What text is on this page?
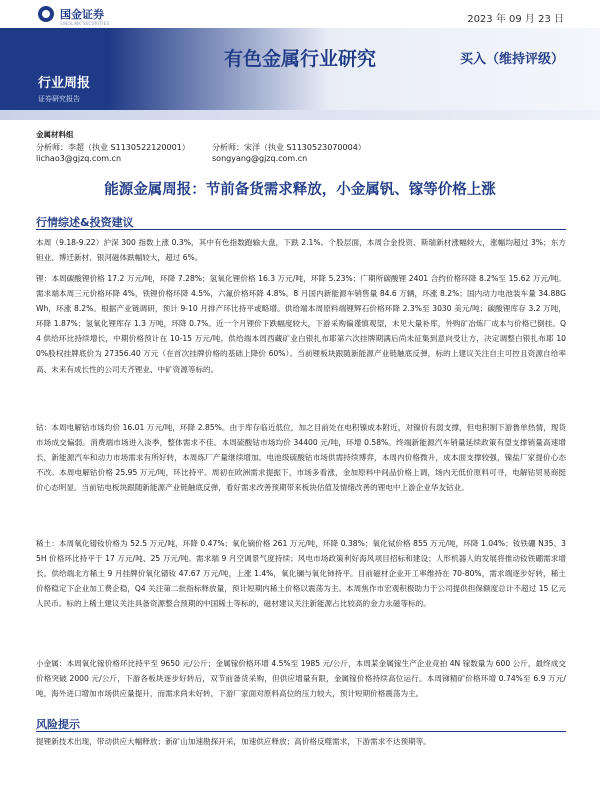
国金证券
SINOLINK SECURITIES	2023 年 09 月 23 日
有色金属行业研究	买入（维持评级）
行业周报
证券研究报告
金属材料组
分析师：李超（执业 S1130522120001）
lichao3@gjzq.com.cn
分析师：宋洋（执业 S1130523070004）
songyang@gjzq.com.cn
能源金属周报：节前备货需求释放，小金属钒、镓等价格上涨
行情综述&投资建议

本周（9.18-9.22）沪深 300 指数上涨 0.3%，其中有色指数跑输大盘，下跌 2.1%。个股层面，本周合金投资、斯瑞新材涨幅较大，涨幅均超过 3%；东方钽业、博迁新材、银河磁体跌幅较大，超过 6%。

锂：本周碳酸锂价格 17.2 万元/吨，环降 7.28%；氢氧化锂价格 16.3 万元/吨，环降 5.23%；广期所碳酸锂 2401 合约价格环降 8.2%至 15.62 万元/吨。需求端本周三元价格环降 4%，铁锂价格环降 4.5%，六氟价格环降 4.8%。8 月国内新能源车销售量 84.6 万辆，环涨 8.2%；国内动力电池装车量 34.88GWh，环涨 8.2%。根据产业链调研，预计 9-10 月排产环比持平或略增。供给端本周原料端锂辉石价格环降 2.3%至 3030 美元/吨；碳酸锂库存 3.2 万吨，环降 1.87%；氢氧化锂库存 1.3 万吨，环降 0.7%。近一个月锂价下跌幅度较大，下游采购偏谨慎观望，未见大量补库，外购矿冶炼厂成本与价格已倒挂。Q4 供给环比持续增长，中期价格预计在 10-15 万元/吨。供给端本周西藏矿业白银扎布耶第六次挂牌期满后尚未征集到意向受让方，决定调整白银扎布耶 100%股权挂牌底价为 27356.40 万元（在首次挂牌价格的基础上降价 60%）。当前锂板块跟随新能源产业链触底反弹，标的上建议关注自主可控且资源自给率高、未来有成长性的公司天齐锂业、中矿资源等标的。

钴：本周电解钴市场均价 16.01 万元/吨，环降 2.85%。由于库存临近低位，加之目前处在电积镍成本附近，对镍价有弱支撑，但电积制下游鲁单热情，现货市场成交偏弱。消费端市场进入淡季，整体需求不佳。本周硫酸钴市场均价 34400 元/吨，环增 0.58%。终端新能源汽车销量延续政策有望支撑销量高速增长，新能源汽车和动力市场需求有所好转，本周炼厂产量继续增加。电池级硫酸钴市场供需持续博弈，本周内价格微升，成本面支撑较强，镍盐厂家提价心态不改。本周电解钴价格 25.95 万元/吨，环比持平。周初在欧洲需求提振下，市场多看涨，金加原料中间品价格上调，场内无低价原料可寻，电解钴贸易商挺价心态明显。当前钴电板块跟随新能源产业链触底反弹，看好需求改善预期带来板块估值及情绪改善的锂电中上游企业华友钴业。

稀土：本周氧化镨钕价格为 52.5 万元/吨，环降 0.47%；氧化镝价格 261 万元/吨，环降 0.38%；氧化铽价格 855 万元/吨，环降 1.04%；钕铁硼 N35、35H 价格环比持平于 17 万元/吨、25 万元/吨。需求端 9 月空调景气度持续；风电市场政策利好海风项目招标和建设；人形机器人的发展将推动钕铁硼需求增长。供给端北方稀土 9 月挂牌价氧化镨钕 47.67 万元/吨，上涨 1.4%，氧化镧与氧化铈持平。目前磁材企业开工率维持在 70-80%，需求端逐步好转，稀土价格稳定下企业加工费企稳，Q4 关注第二批指标释放量，预计短期内稀土价格以震荡为主。本周焦作市宏观积极助力于公司提供担保额度总计不超过 15 亿元人民币。标的上稀土建议关注具备资源整合预期的中国稀土等标的，磁材建议关注新能源占比较高的金力永磁等标的。

小金属：本周氧化镓价格环比持平至 9650 元/公斤；金属镓价格环增 4.5%至 1985 元/公斤，本周某金属镓生产企业竞拍 4N 镓数量为 600 公斤，最终成交价格突破 2000 元/公斤，下游各板块逐步好转后，双节前备货采购，但供应增量有限，金属镓价格持续高位运行。本周锑精矿价格环增 0.74%至 6.9 万元/吨，海外进口增加市场供应量提升，而需求尚未好转，下游厂家面对原料高位的压力较大，预计短期价格震荡为主。

风险提示

提锂新技术出现，带动供应大幅释放；新矿山加速勘探开采，加速供应释放；高价格反噬需求，下游需求不达预期等。
